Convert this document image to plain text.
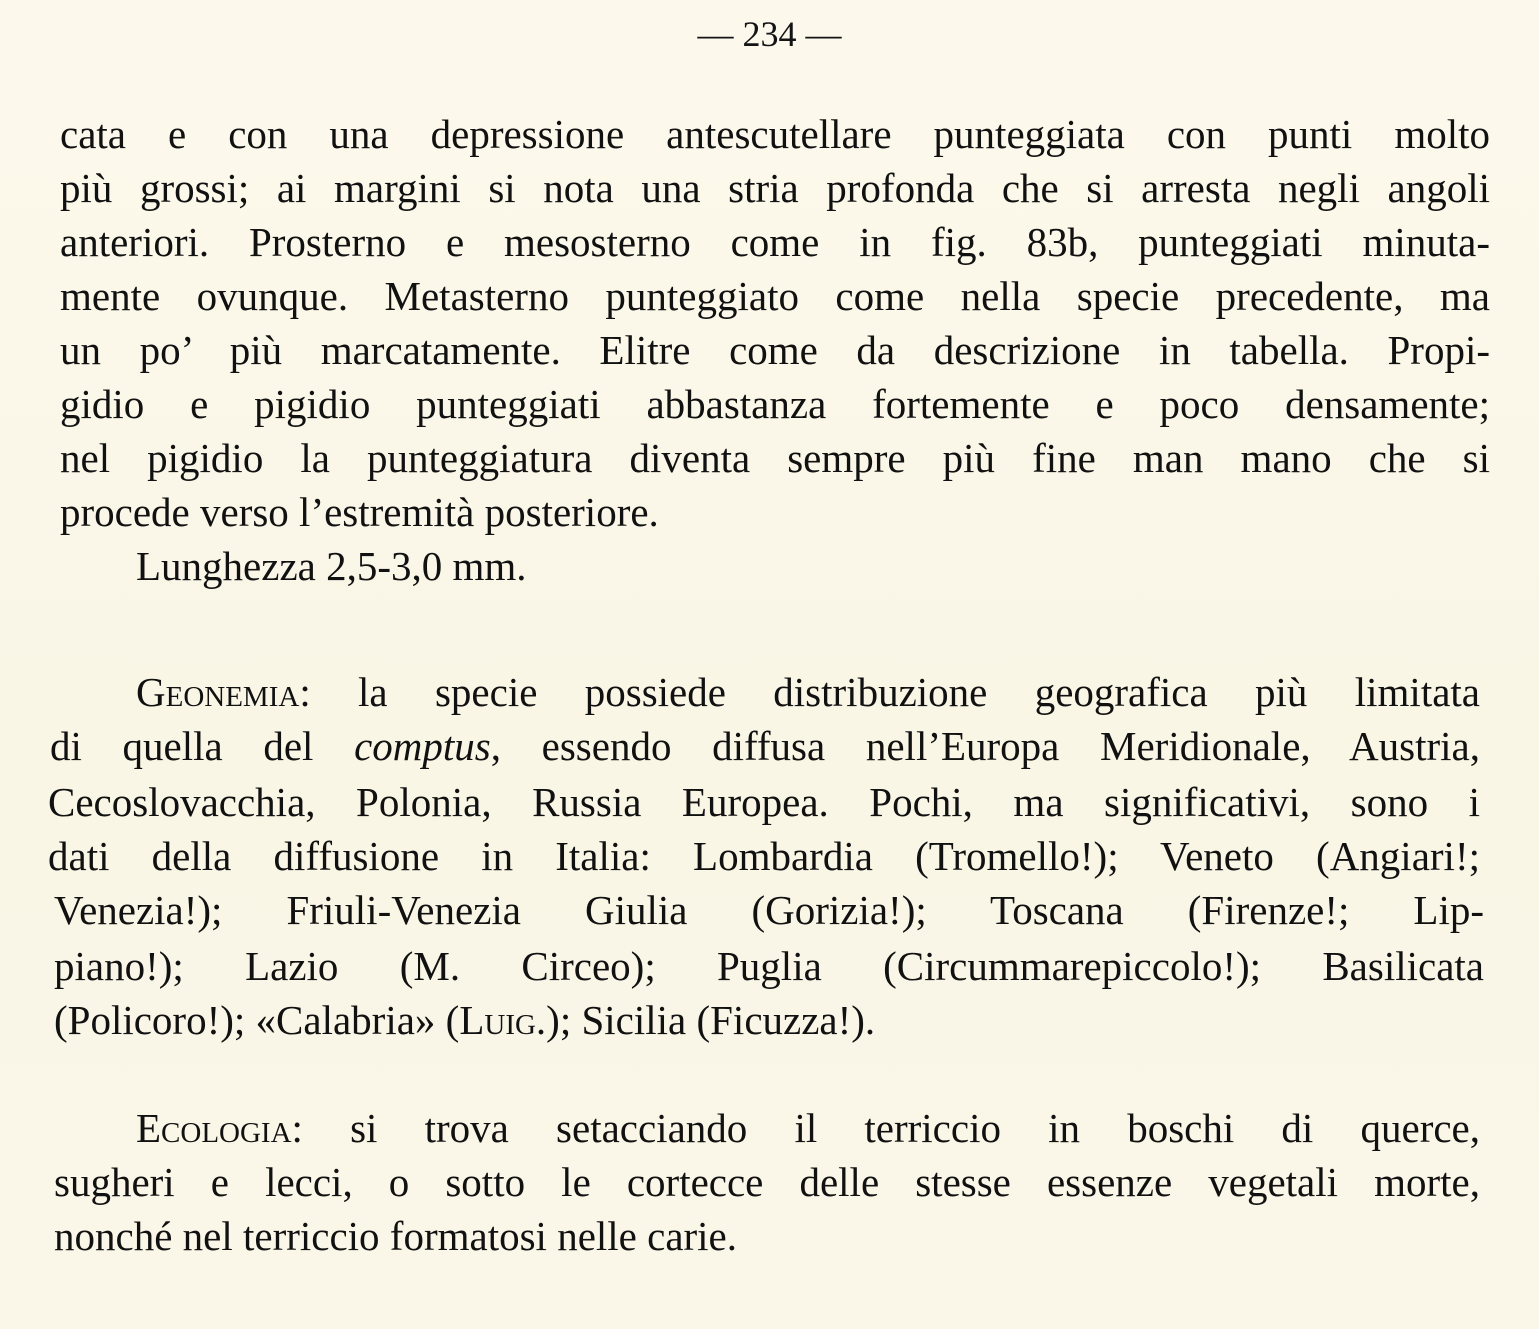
— 234 —
cata e con una depressione antescutellare punteggiata con punti molto
più grossi; ai margini si nota una stria profonda che si arresta negli angoli
anteriori. Prosterno e mesosterno come in fig. 83b, punteggiati minuta-
mente ovunque. Metasterno punteggiato come nella specie precedente, ma
un po’ più marcatamente. Elitre come da descrizione in tabella. Propi-
gidio e pigidio punteggiati abbastanza fortemente e poco densamente;
nel pigidio la punteggiatura diventa sempre più fine man mano che si
procede verso l’estremità posteriore.
Lunghezza 2,5-3,0 mm.
Geonemia: la specie possiede distribuzione geografica più limitata
di quella del comptus, essendo diffusa nell’Europa Meridionale, Austria,
Cecoslovacchia, Polonia, Russia Europea. Pochi, ma significativi, sono i
dati della diffusione in Italia: Lombardia (Tromello!); Veneto (Angiari!;
Venezia!); Friuli-Venezia Giulia (Gorizia!); Toscana (Firenze!; Lip-
piano!); Lazio (M. Circeo); Puglia (Circummarepiccolo!); Basilicata
(Policoro!); «Calabria» (Luig.); Sicilia (Ficuzza!).
Ecologia: si trova setacciando il terriccio in boschi di querce,
sugheri e lecci, o sotto le cortecce delle stesse essenze vegetali morte,
nonché nel terriccio formatosi nelle carie.
